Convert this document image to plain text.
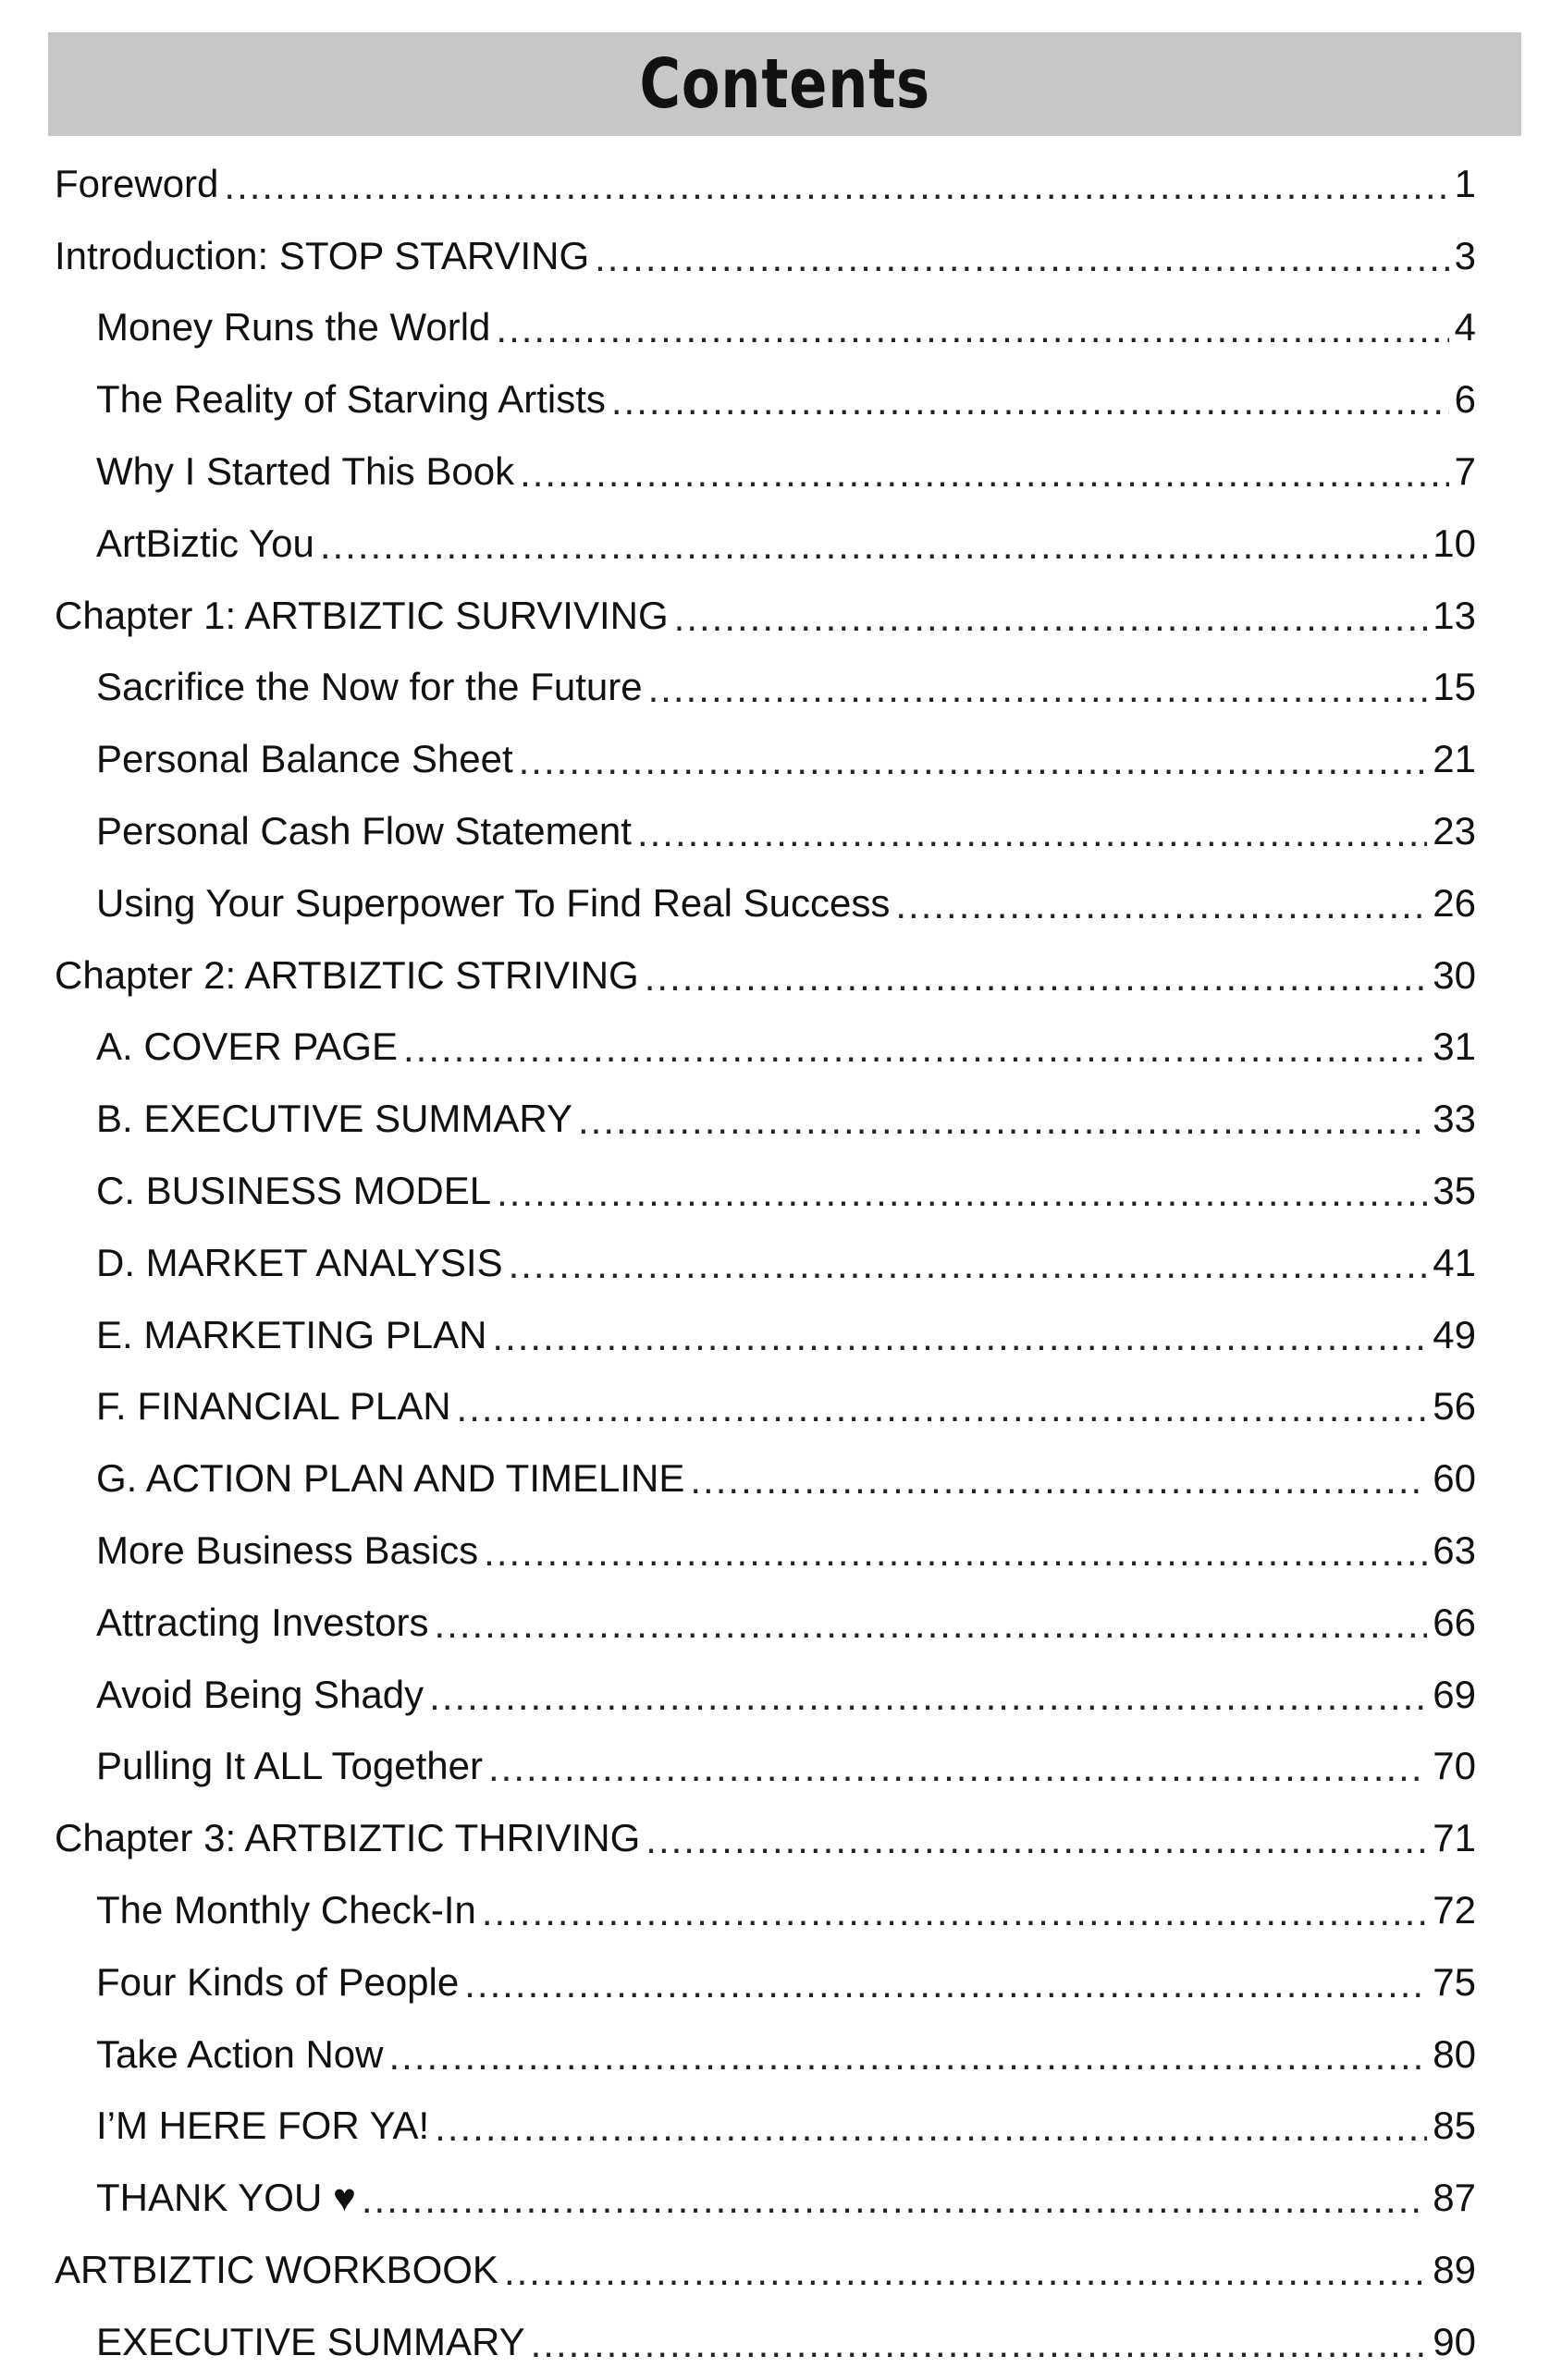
Contents
Foreword .....	1
Introduction: STOP STARVING .....	3
Money Runs the World .....	4
The Reality of Starving Artists .....	6
Why I Started This Book .....	7
ArtBiztic You .....	10
Chapter 1: ARTBIZTIC SURVIVING .....	13
Sacrifice the Now for the Future .....	15
Personal Balance Sheet .....	21
Personal Cash Flow Statement .....	23
Using Your Superpower To Find Real Success .....	26
Chapter 2: ARTBIZTIC STRIVING .....	30
A. COVER PAGE .....	31
B. EXECUTIVE SUMMARY .....	33
C. BUSINESS MODEL .....	35
D. MARKET ANALYSIS .....	41
E. MARKETING PLAN .....	49
F. FINANCIAL PLAN .....	56
G. ACTION PLAN AND TIMELINE .....	60
More Business Basics .....	63
Attracting Investors .....	66
Avoid Being Shady .....	69
Pulling It ALL Together .....	70
Chapter 3: ARTBIZTIC THRIVING .....	71
The Monthly Check-In .....	72
Four Kinds of People .....	75
Take Action Now .....	80
I’M HERE FOR YA! .....	85
THANK YOU ♥ .....	87
ARTBIZTIC WORKBOOK .....	89
EXECUTIVE SUMMARY .....	90
